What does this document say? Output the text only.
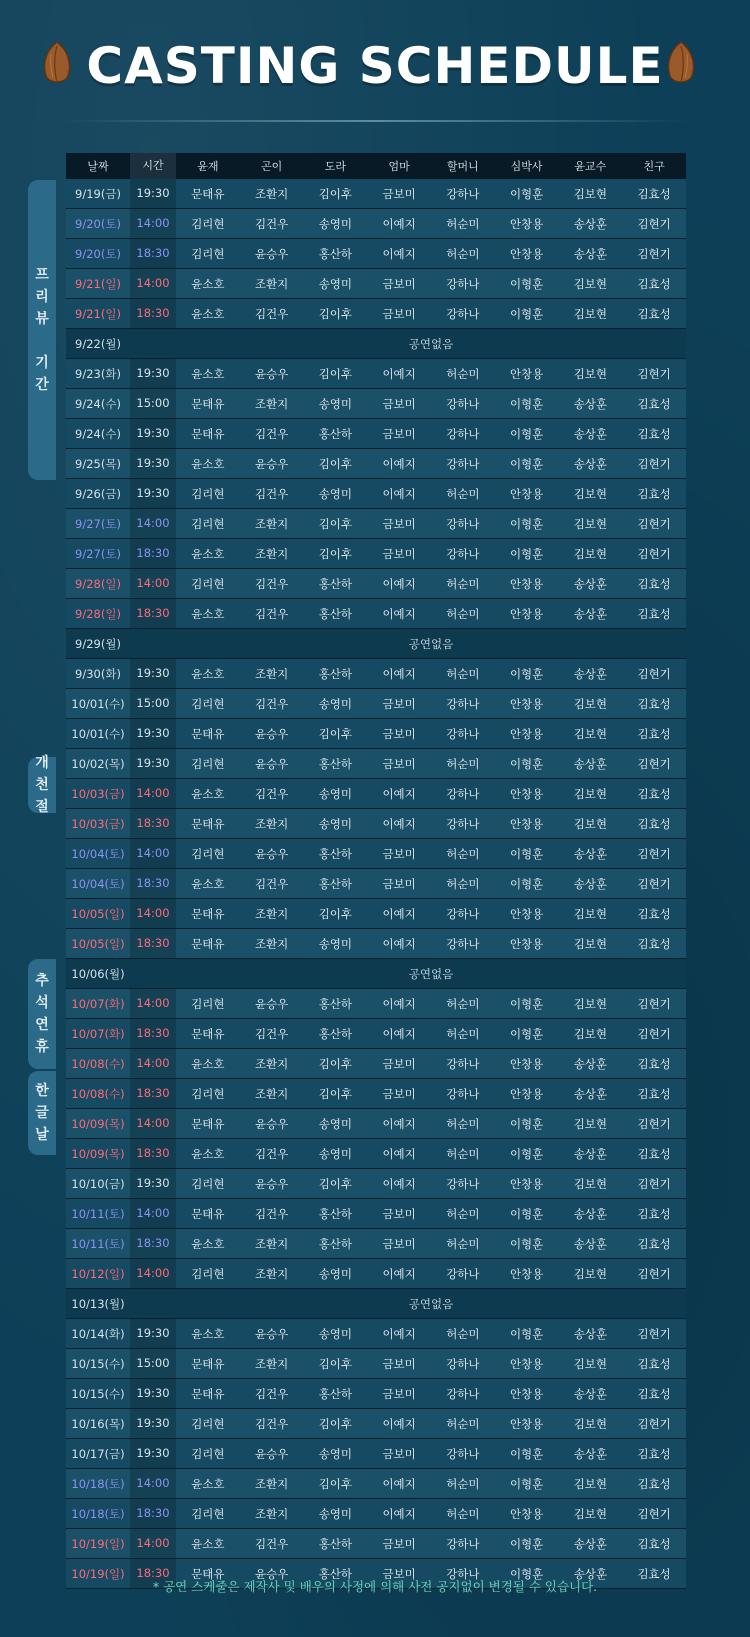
CASTING SCHEDULE
프
리
뷰
기
간
개
천
절
추
석
연
휴
한
글
날
날짜	시간	윤재	곤이	도라	엄마	할머니	심박사	윤교수	친구
9/19(금)	19:30	문태유	조환지	김이후	금보미	강하나	이형훈	김보현	김효성
9/20(토)	14:00	김리현	김건우	송영미	이예지	허순미	안창용	송상훈	김현기
9/20(토)	18:30	김리현	윤승우	홍산하	이예지	허순미	안창용	송상훈	김현기
9/21(일)	14:00	윤소호	조환지	송영미	금보미	강하나	이형훈	김보현	김효성
9/21(일)	18:30	윤소호	김건우	김이후	금보미	강하나	이형훈	김보현	김효성
9/22(월)	공연없음
9/23(화)	19:30	윤소호	윤승우	김이후	이예지	허순미	안창용	김보현	김현기
9/24(수)	15:00	문태유	조환지	송영미	금보미	강하나	이형훈	송상훈	김효성
9/24(수)	19:30	문태유	김건우	홍산하	금보미	강하나	이형훈	송상훈	김효성
9/25(목)	19:30	윤소호	윤승우	김이후	이예지	강하나	이형훈	송상훈	김현기
9/26(금)	19:30	김리현	김건우	송영미	이예지	허순미	안창용	김보현	김효성
9/27(토)	14:00	김리현	조환지	김이후	금보미	강하나	이형훈	김보현	김현기
9/27(토)	18:30	윤소호	조환지	김이후	금보미	강하나	이형훈	김보현	김현기
9/28(일)	14:00	김리현	김건우	홍산하	이예지	허순미	안창용	송상훈	김효성
9/28(일)	18:30	윤소호	김건우	홍산하	이예지	허순미	안창용	송상훈	김효성
9/29(월)	공연없음
9/30(화)	19:30	윤소호	조환지	홍산하	이예지	허순미	이형훈	송상훈	김현기
10/01(수)	15:00	김리현	김건우	송영미	금보미	강하나	안창용	김보현	김효성
10/01(수)	19:30	문태유	윤승우	김이후	금보미	강하나	안창용	김보현	김효성
10/02(목)	19:30	김리현	윤승우	홍산하	금보미	허순미	이형훈	송상훈	김현기
10/03(금)	14:00	윤소호	김건우	송영미	이예지	강하나	안창용	김보현	김효성
10/03(금)	18:30	문태유	조환지	송영미	이예지	강하나	안창용	김보현	김효성
10/04(토)	14:00	김리현	윤승우	홍산하	금보미	허순미	이형훈	송상훈	김현기
10/04(토)	18:30	윤소호	김건우	홍산하	금보미	허순미	이형훈	송상훈	김현기
10/05(일)	14:00	문태유	조환지	김이후	이예지	강하나	안창용	김보현	김효성
10/05(일)	18:30	문태유	조환지	송영미	이예지	강하나	안창용	김보현	김효성
10/06(월)	공연없음
10/07(화)	14:00	김리현	윤승우	홍산하	이예지	허순미	이형훈	김보현	김현기
10/07(화)	18:30	문태유	김건우	홍산하	이예지	허순미	이형훈	김보현	김현기
10/08(수)	14:00	윤소호	조환지	김이후	금보미	강하나	안창용	송상훈	김효성
10/08(수)	18:30	김리현	조환지	김이후	금보미	강하나	안창용	송상훈	김효성
10/09(목)	14:00	문태유	윤승우	송영미	이예지	허순미	이형훈	김보현	김현기
10/09(목)	18:30	윤소호	김건우	송영미	이예지	허순미	이형훈	송상훈	김효성
10/10(금)	19:30	김리현	윤승우	김이후	이예지	강하나	안창용	김보현	김현기
10/11(토)	14:00	문태유	김건우	홍산하	금보미	허순미	이형훈	송상훈	김효성
10/11(토)	18:30	윤소호	조환지	홍산하	금보미	허순미	이형훈	송상훈	김효성
10/12(일)	14:00	김리현	조환지	송영미	이예지	강하나	안창용	김보현	김현기
10/13(월)	공연없음
10/14(화)	19:30	윤소호	윤승우	송영미	이예지	허순미	이형훈	송상훈	김현기
10/15(수)	15:00	문태유	조환지	김이후	금보미	강하나	안창용	김보현	김효성
10/15(수)	19:30	문태유	김건우	홍산하	금보미	강하나	안창용	송상훈	김효성
10/16(목)	19:30	김리현	김건우	김이후	이예지	허순미	안창용	김보현	김현기
10/17(금)	19:30	김리현	윤승우	송영미	금보미	강하나	이형훈	송상훈	김효성
10/18(토)	14:00	윤소호	조환지	김이후	이예지	허순미	이형훈	김보현	김효성
10/18(토)	18:30	김리현	조환지	송영미	이예지	허순미	안창용	김보현	김현기
10/19(일)	14:00	윤소호	김건우	홍산하	금보미	강하나	이형훈	송상훈	김효성
10/19(일)	18:30	문태유	윤승우	홍산하	금보미	강하나	이형훈	송상훈	김효성
* 공연 스케줄은 제작사 및 배우의 사정에 의해 사전 공지없이 변경될 수 있습니다.
